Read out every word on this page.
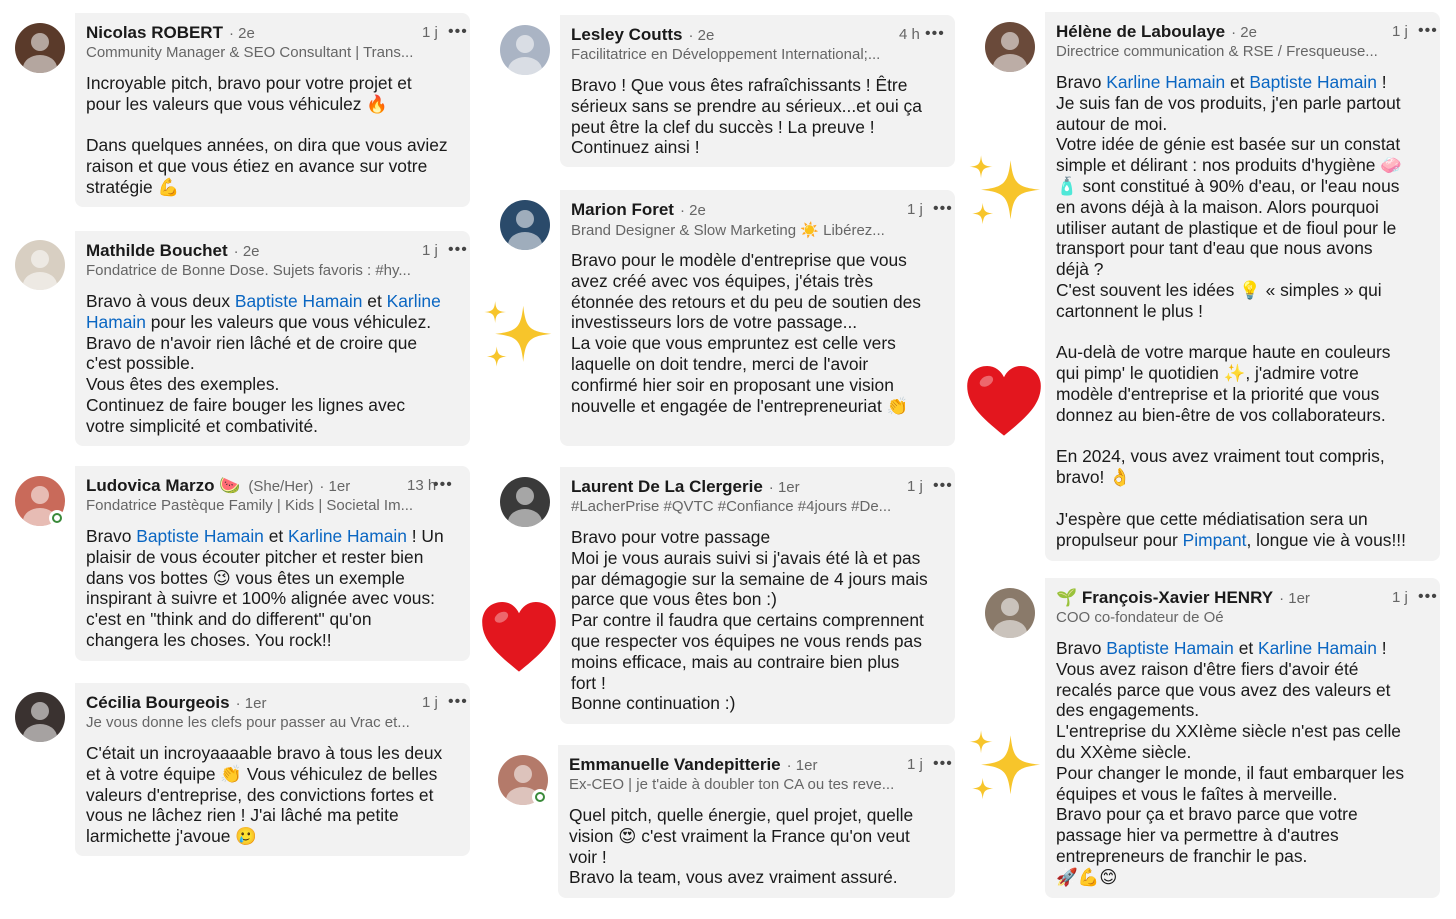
Nicolas ROBERT · 2e	1 j •••
Community Manager & SEO Consultant | Trans...

Incroyable pitch, bravo pour votre projet et

pour les valeurs que vous véhiculez 🔥

Dans quelques années, on dira que vous aviez

raison et que vous étiez en avance sur votre

stratégie 💪

Mathilde Bouchet · 2e	1 j •••
Fondatrice de Bonne Dose. Sujets favoris : #hy...

Bravo à vous deux Baptiste Hamain et Karline

Hamain pour les valeurs que vous véhiculez.

Bravo de n'avoir rien lâché et de croire que

c'est possible.

Vous êtes des exemples.

Continuez de faire bouger les lignes avec

votre simplicité et combativité.

Ludovica Marzo 🍉 (She/Her) · 1er	13 h
•••
Fondatrice Pastèque Family | Kids | Societal Im...

Bravo Baptiste Hamain et Karline Hamain ! Un

plaisir de vous écouter pitcher et rester bien

dans vos bottes 😉 vous êtes un exemple

inspirant à suivre et 100% alignée avec vous:

c'est en "think and do different" qu'on

changera les choses. You rock!!

Cécilia Bourgeois · 1er	1 j •••
Je vous donne les clefs pour passer au Vrac et...

C'était un incroyaaaable bravo à tous les deux

et à votre équipe 👏 Vous véhiculez de belles

valeurs d'entreprise, des convictions fortes et

vous ne lâchez rien ! J'ai lâché ma petite

larmichette j'avoue 🥲

Lesley Coutts · 2e	4 h •••
Facilitatrice en Développement International;...

Bravo ! Que vous êtes rafraîchissants ! Être

sérieux sans se prendre au sérieux...et oui ça

peut être la clef du succès ! La preuve !

Continuez ainsi !

Marion Foret · 2e	1 j •••
Brand Designer & Slow Marketing ☀️ Libérez...

Bravo pour le modèle d'entreprise que vous

avez créé avec vos équipes, j'étais très

étonnée des retours et du peu de soutien des

investisseurs lors de votre passage...

La voie que vous empruntez est celle vers

laquelle on doit tendre, merci de l'avoir

confirmé hier soir en proposant une vision

nouvelle et engagée de l'entrepreneuriat 👏

Laurent De La Clergerie · 1er	1 j •••
#LacherPrise #QVTC #Confiance #4jours #De...

Bravo pour votre passage

Moi je vous aurais suivi si j'avais été là et pas

par démagogie sur la semaine de 4 jours mais

parce que vous êtes bon :)

Par contre il faudra que certains comprennent

que respecter vos équipes ne vous rends pas

moins efficace, mais au contraire bien plus

fort !

Bonne continuation :)

Emmanuelle Vandepitterie · 1er	1 j •••
Ex-CEO | je t'aide à doubler ton CA ou tes reve...

Quel pitch, quelle énergie, quel projet, quelle

vision 😍 c'est vraiment la France qu'on veut

voir !

Bravo la team, vous avez vraiment assuré.

Hélène de Laboulaye · 2e	1 j •••
Directrice communication & RSE / Fresqueuse...

Bravo Karline Hamain et Baptiste Hamain !

Je suis fan de vos produits, j'en parle partout

autour de moi.

Votre idée de génie est basée sur un constat

simple et délirant : nos produits d'hygiène 🧼

🧴 sont constitué à 90% d'eau, or l'eau nous

en avons déjà à la maison. Alors pourquoi

utiliser autant de plastique et de fioul pour le

transport pour tant d'eau que nous avons

déjà ?

C'est souvent les idées 💡 « simples » qui

cartonnent le plus !

Au-delà de votre marque haute en couleurs

qui pimp' le quotidien ✨, j'admire votre

modèle d'entreprise et la priorité que vous

donnez au bien-être de vos collaborateurs.

En 2024, vous avez vraiment tout compris,

bravo! 👌

J'espère que cette médiatisation sera un

propulseur pour Pimpant, longue vie à vous!!!

🌱 François-Xavier HENRY · 1er	1 j •••
COO co-fondateur de Oé

Bravo Baptiste Hamain et Karline Hamain !

Vous avez raison d'être fiers d'avoir été

recalés parce que vous avez des valeurs et

des engagements.

L'entreprise du XXIème siècle n'est pas celle

du XXème siècle.

Pour changer le monde, il faut embarquer les

équipes et vous le faîtes à merveille.

Bravo pour ça et bravo parce que votre

passage hier va permettre à d'autres

entrepreneurs de franchir le pas.

🚀💪😊
